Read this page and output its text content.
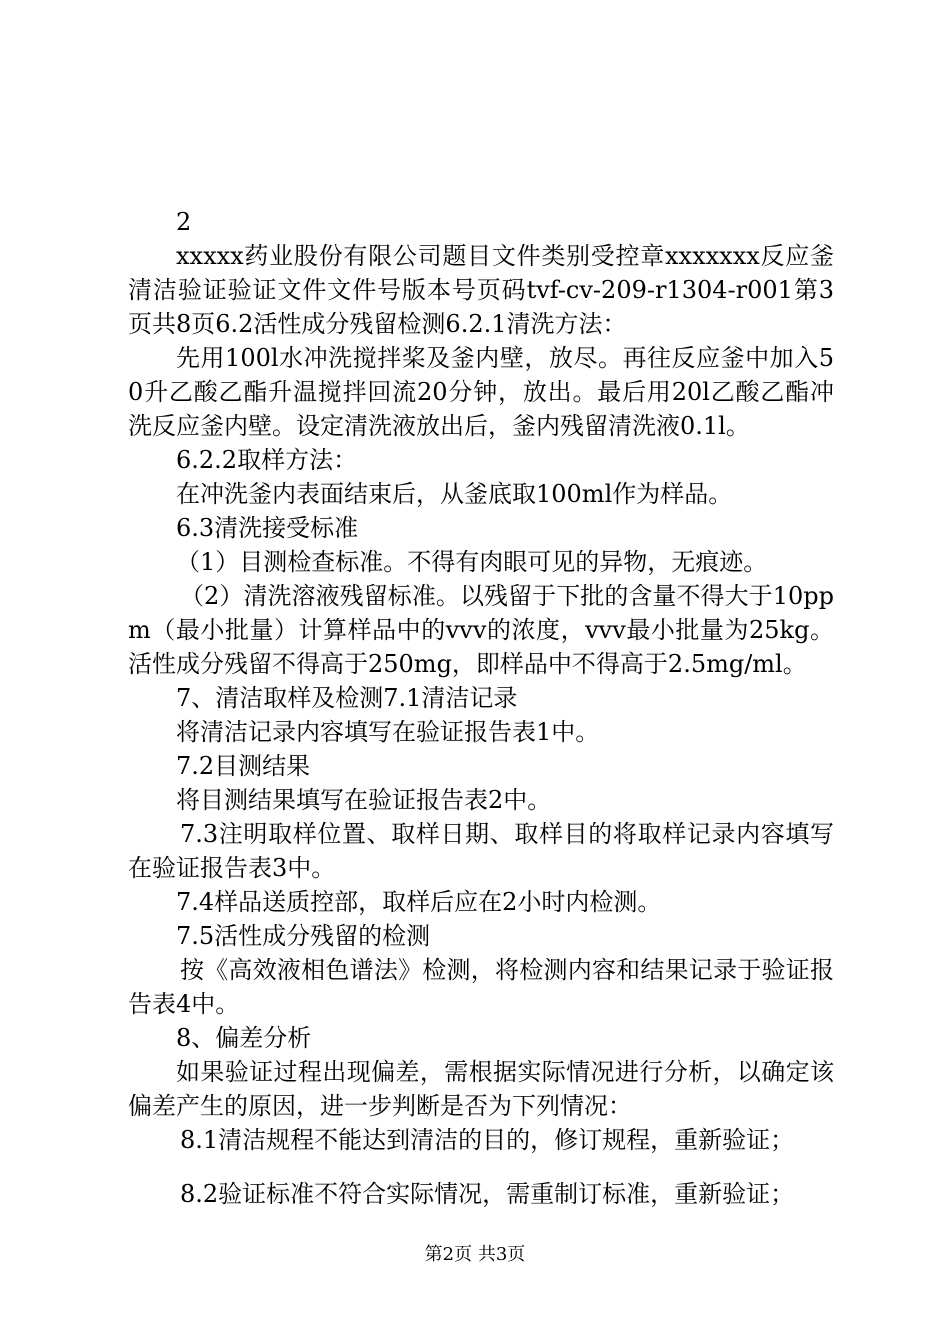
2

xxxxx药业股份有限公司题目文件类别受控章xxxxxxx反应釜清洁验证验证文件文件号版本号页码tvf-cv-209-r1304-r001第3页共8页6.2活性成分残留检测6.2.1清洗方法：

先用100l水冲洗搅拌桨及釜内壁，放尽。再往反应釜中加入50升乙酸乙酯升温搅拌回流20分钟，放出。最后用20l乙酸乙酯冲洗反应釜内壁。设定清洗液放出后，釜内残留清洗液0.1l。

6.2.2取样方法：

在冲洗釜内表面结束后，从釜底取100ml作为样品。

6.3清洗接受标准

（1）目测检查标准。不得有肉眼可见的异物，无痕迹。

（2）清洗溶液残留标准。以残留于下批的含量不得大于10ppm（最小批量）计算样品中的vvv的浓度，vvv最小批量为25kg。活性成分残留不得高于250mg，即样品中不得高于2.5mg/ml。

7、清洁取样及检测7.1清洁记录

将清洁记录内容填写在验证报告表1中。

7.2目测结果

将目测结果填写在验证报告表2中。

7.3注明取样位置、取样日期、取样目的将取样记录内容填写在验证报告表3中。

7.4样品送质控部，取样后应在2小时内检测。

7.5活性成分残留的检测

按《高效液相色谱法》检测，将检测内容和结果记录于验证报告表4中。

8、偏差分析

如果验证过程出现偏差，需根据实际情况进行分析，以确定该偏差产生的原因，进一步判断是否为下列情况：

8.1清洁规程不能达到清洁的目的，修订规程，重新验证；

8.2验证标准不符合实际情况，需重制订标准，重新验证；

第2页 共3页
